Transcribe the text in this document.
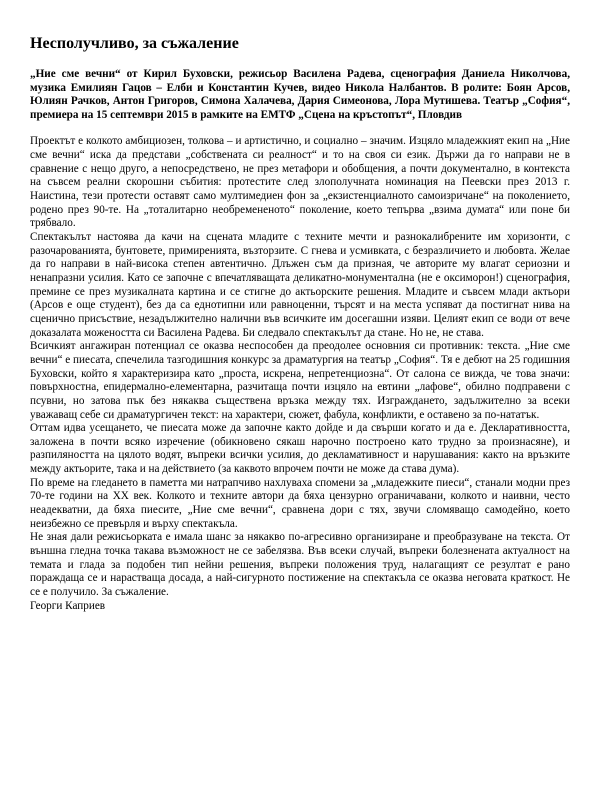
Несполучливо, за съжаление
„Ние сме вечни“ от Кирил Буховски, режисьор Василена Радева, сценография Даниела Николчова, музика Емилиян Гацов – Елби и Константин Кучев, видео Никола Налбантов. В ролите: Боян Арсов, Юлиян Рачков, Антон Григоров, Симона Халачева, Дария Симеонова, Лора Мутишева. Театър „София“, премиера на 15 септември 2015 в рамките на ЕМТФ „Сцена на кръстопът“, Пловдив

Проектът е колкото амбициозен, толкова – и артистично, и социално – значим. Изцяло младежкият екип на „Ние сме вечни“ иска да представи „собствената си реалност“ и то на своя си език. Държи да го направи не в сравнение с нещо друго, а непосредствено, не през метафори и обобщения, а почти документално, в контекста на съвсем реални скорошни събития: протестите след злополучната номинация на Пеевски през 2013 г. Наистина, тези протести оставят само мултимедиен фон за „екзистенциалното самоизричане“ на поколението, родено през 90-те. На „тоталитарно необремененото“ поколение, което тепърва „взима думата“ или поне би трябвало.

Спектакълът настоява да качи на сцената младите с техните мечти и разнокалибрените им хоризонти, с разочарованията, бунтовете, примиренията, възторзите. С гнева и усмивката, с безразличието и любовта. Желае да го направи в най-висока степен автентично. Длъжен съм да призная, че авторите му влагат сериозни и ненапразни усилия. Като се започне с впечатляващата деликатно-монументална (не е оксиморон!) сценография, премине се през музикалната картина и се стигне до актьорските решения. Младите и съвсем млади актьори (Арсов е още студент), без да са еднотипни или равноценни, търсят и на места успяват да постигнат нива на сценично присъствие, незадължително налични във всичките им досегашни изяви. Целият екип се води от вече доказалата можеността си Василена Радева. Би следвало спектакълът да стане. Но не, не става.

Всичкият ангажиран потенциал се оказва неспособен да преодолее основния си противник: текста. „Ние сме вечни“ е пиесата, спечелила тазгодишния конкурс за драматургия на театър „София“. Тя е дебют на 25 годишния Буховски, който я характеризира като „проста, искрена, непретенциозна“. От салона се вижда, че това значи: повърхностна, епидермално-елементарна, разчитаща почти изцяло на евтини „лафове“, обилно подправени с псувни, но затова пък без някаква съществена връзка между тях. Изграждането, задължително за всеки уважаващ себе си драматургичен текст: на характери, сюжет, фабула, конфликти, е оставено за по-нататък.

Оттам идва усещането, че пиесата може да започне както дойде и да свърши когато и да е. Декларативността, заложена в почти всяко изречение (обикновено сякаш нарочно построено като трудно за произнасяне), и разпиляността на цялото водят, въпреки всички усилия, до декламативност и нарушавания: както на връзките между актьорите, така и на действието (за каквото впрочем почти не може да става дума).

По време на гледането в паметта ми натрапчиво нахлуваха спомени за „младежките пиеси“, станали модни през 70-те години на ХХ век. Колкото и техните автори да бяха цензурно ограничавани, колкото и наивни, често неадекватни, да бяха пиесите, „Ние сме вечни“, сравнена дори с тях, звучи сломяващо самодейно, което неизбежно се превърля и върху спектакъла.

Не зная дали режисьорката е имала шанс за някакво по-агресивно организиране и преобразуване на текста. От външна гледна точка такава възможност не се забелязва. Във всеки случай, въпреки болезнената актуалност на темата и глада за подобен тип нейни решения, въпреки положения труд, налагащият се резултат е рано пораждаща се и нарастваща досада, а най-сигурното постижение на спектакъла се оказва неговата краткост. Не се е получило. За съжаление.

Георги Каприев
